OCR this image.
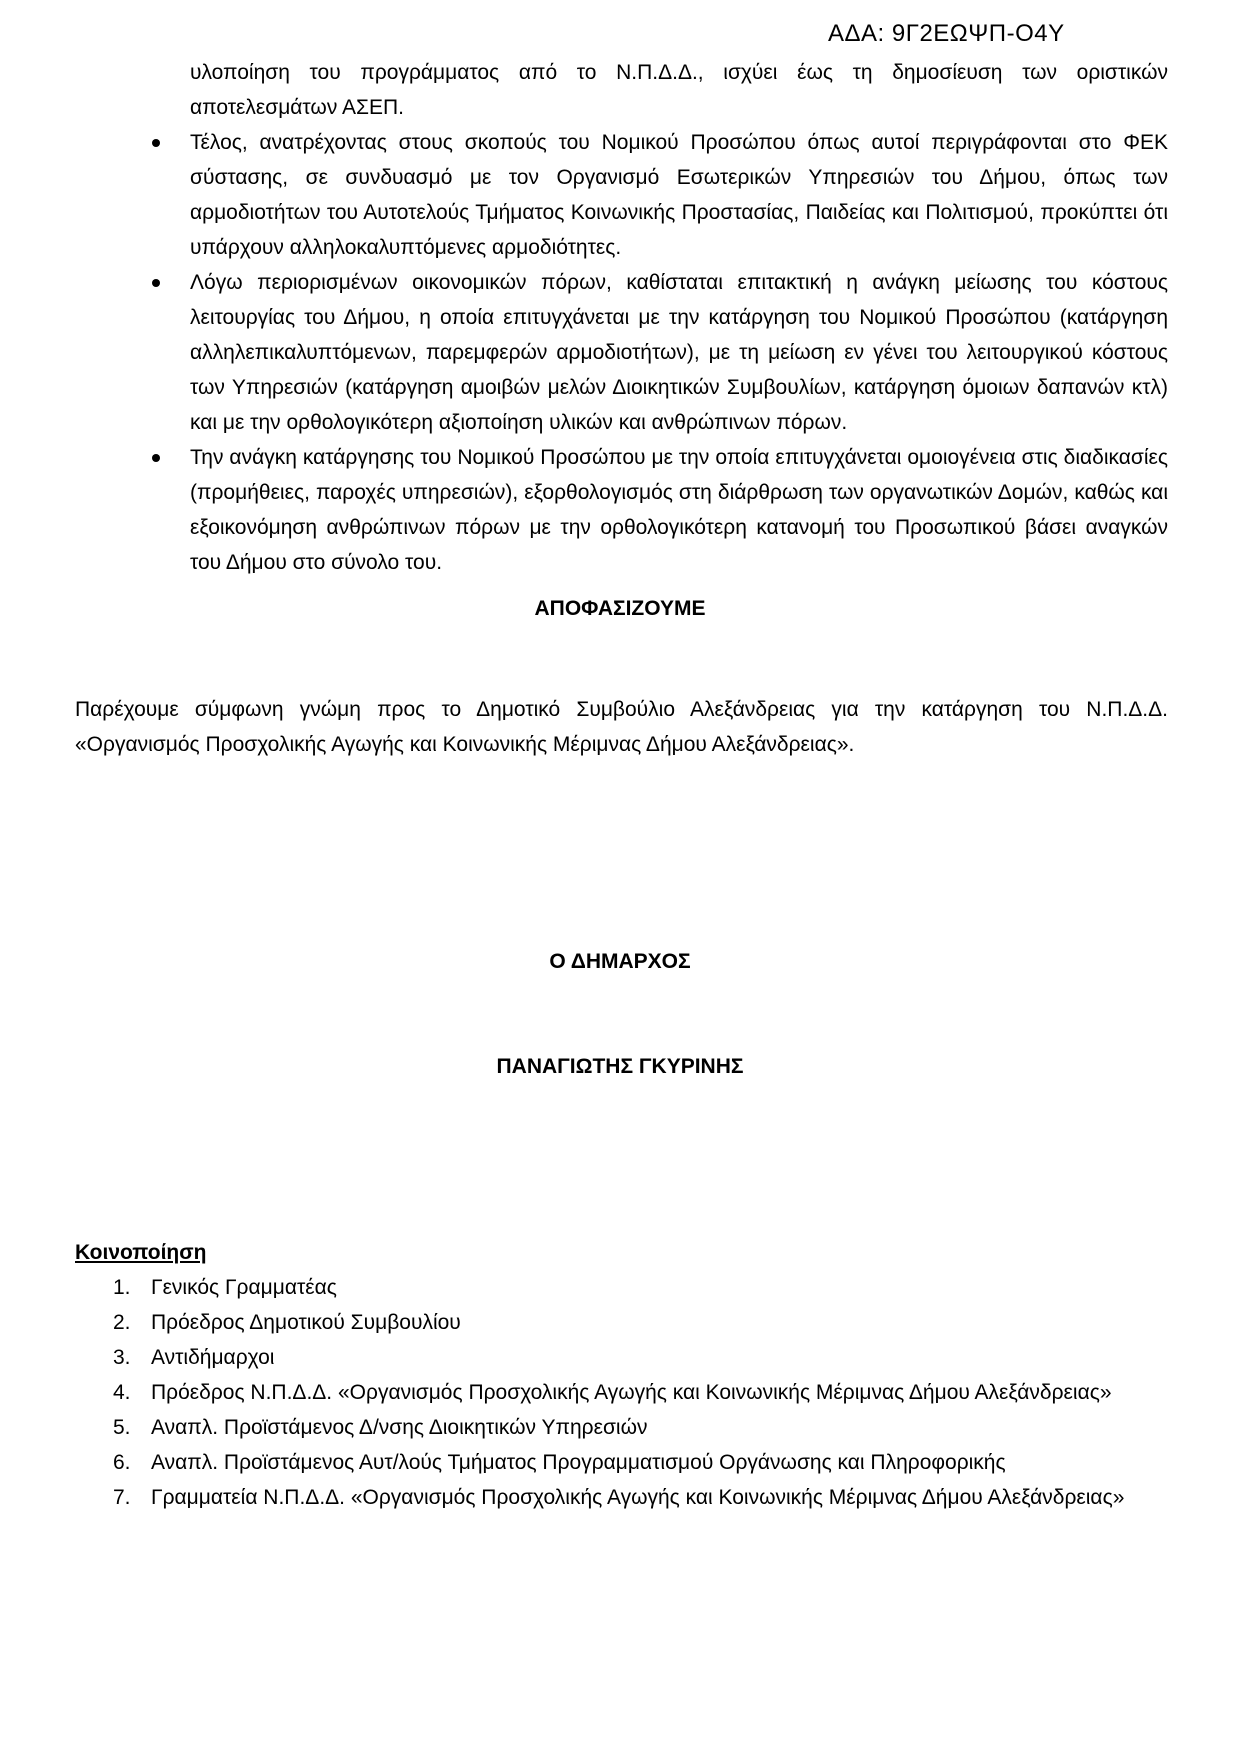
ΑΔΑ: 9Γ2ΕΩΨΠ-Ο4Υ

υλοποίηση του προγράμματος από το Ν.Π.Δ.Δ., ισχύει έως τη δημοσίευση των οριστικών αποτελεσμάτων ΑΣΕΠ.

Τέλος, ανατρέχοντας στους σκοπούς του Νομικού Προσώπου όπως αυτοί περιγράφονται στο ΦΕΚ σύστασης, σε συνδυασμό με τον Οργανισμό Εσωτερικών Υπηρεσιών του Δήμου, όπως των αρμοδιοτήτων του Αυτοτελούς Τμήματος Κοινωνικής Προστασίας, Παιδείας και Πολιτισμού, προκύπτει ότι υπάρχουν αλληλοκαλυπτόμενες αρμοδιότητες.
Λόγω περιορισμένων οικονομικών πόρων, καθίσταται επιτακτική η ανάγκη μείωσης του κόστους λειτουργίας του Δήμου, η οποία επιτυγχάνεται με την κατάργηση του Νομικού Προσώπου (κατάργηση αλληλεπικαλυπτόμενων, παρεμφερών αρμοδιοτήτων), με τη μείωση εν γένει του λειτουργικού κόστους των Υπηρεσιών (κατάργηση αμοιβών μελών Διοικητικών Συμβουλίων, κατάργηση όμοιων δαπανών κτλ) και με την ορθολογικότερη αξιοποίηση υλικών και ανθρώπινων πόρων.
Την ανάγκη κατάργησης του Νομικού Προσώπου με την οποία επιτυγχάνεται ομοιογένεια στις διαδικασίες (προμήθειες, παροχές υπηρεσιών), εξορθολογισμός στη διάρθρωση των οργανωτικών Δομών, καθώς και εξοικονόμηση ανθρώπινων πόρων με την ορθολογικότερη κατανομή του Προσωπικού βάσει αναγκών του Δήμου στο σύνολο του.
ΑΠΟΦΑΣΙΖΟΥΜΕ

Παρέχουμε σύμφωνη γνώμη προς το Δημοτικό Συμβούλιο Αλεξάνδρειας για την κατάργηση του Ν.Π.Δ.Δ. «Οργανισμός Προσχολικής Αγωγής και Κοινωνικής Μέριμνας Δήμου Αλεξάνδρειας».

Ο ΔΗΜΑΡΧΟΣ
ΠΑΝΑΓΙΩΤΗΣ ΓΚΥΡΙΝΗΣ
Κοινοποίηση
1. Γενικός Γραμματέας
2. Πρόεδρος Δημοτικού Συμβουλίου
3. Αντιδήμαρχοι
4. Πρόεδρος Ν.Π.Δ.Δ. «Οργανισμός Προσχολικής Αγωγής και Κοινωνικής Μέριμνας Δήμου Αλεξάνδρειας»
5. Αναπλ. Προϊστάμενος Δ/νσης Διοικητικών Υπηρεσιών
6. Αναπλ. Προϊστάμενος Αυτ/λούς Τμήματος Προγραμματισμού Οργάνωσης και Πληροφορικής
7. Γραμματεία Ν.Π.Δ.Δ. «Οργανισμός Προσχολικής Αγωγής και Κοινωνικής Μέριμνας Δήμου Αλεξάνδρειας»
